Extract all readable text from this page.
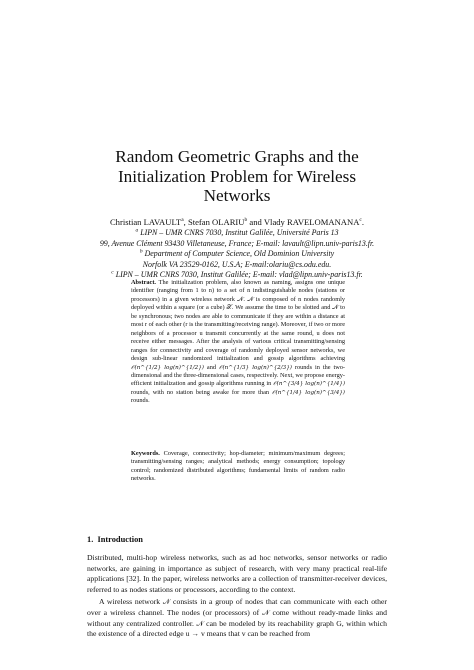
Random Geometric Graphs and the
Initialization Problem for Wireless
Networks
Christian LAVAULT$^a$, Stefan OLARIU$^b$ and Vlady RAVELOMANANA$^c$.
$^a$ LIPN – UMR CNRS 7030, Institut Galilée, Université Paris 13
99, Avenue Clément 93430 Villetaneuse, France; E-mail: lavault@lipn.univ-paris13.fr.
$^b$ Department of Computer Science, Old Dominion University
Norfolk VA 23529-0162, U.S.A; E-mail:olariu@cs.odu.edu.
$^c$ LIPN – UMR CNRS 7030, Institut Galilée; E-mail: vlad@lipn.univ-paris13.fr.

Abstract. The initialization problem, also known as naming, assigns one unique identifier (ranging from 1 to n) to a set of n indistinguishable nodes (stations or processors) in a given wireless network 𝒩. 𝒩 is composed of n nodes randomly deployed within a square (or a cube) 𝒳. We assume the time to be slotted and 𝒩 to be synchronous; two nodes are able to communicate if they are within a distance at most r of each other (r is the transmitting/receiving range). Moreover, if two or more neighbors of a processor u transmit concurrently at the same round, u does not receive either messages. After the analysis of various critical transmitting/sensing ranges for connectivity and coverage of randomly deployed sensor networks, we design sub-linear randomized initialization and gossip algorithms achieving 𝒪(n^{1/2} log(n)^{1/2}) and 𝒪(n^{1/3} log(n)^{2/3}) rounds in the two-dimensional and the three-dimensional cases, respectively. Next, we propose energy-efficient initialization and gossip algorithms running in 𝒪(n^{3/4} log(n)^{1/4}) rounds, with no station being awake for more than 𝒪(n^{1/4} log(n)^{3/4}) rounds.

Keywords. Coverage, connectivity; hop-diameter; minimum/maximum degrees; transmitting/sensing ranges; analytical methods; energy consumption; topology control; randomized distributed algorithms; fundamental limits of random radio networks.
1. Introduction

Distributed, multi-hop wireless networks, such as ad hoc networks, sensor networks or radio networks, are gaining in importance as subject of research, with very many practical real-life applications [32]. In the paper, wireless networks are a collection of transmitter-receiver devices, referred to as nodes stations or processors, according to the context.

A wireless network 𝒩 consists in a group of nodes that can communicate with each other over a wireless channel. The nodes (or processors) of 𝒩 come without ready-made links and without any centralized controller. 𝒩 can be modeled by its reachability graph G, within which the existence of a directed edge u → v means that v can be reached from
